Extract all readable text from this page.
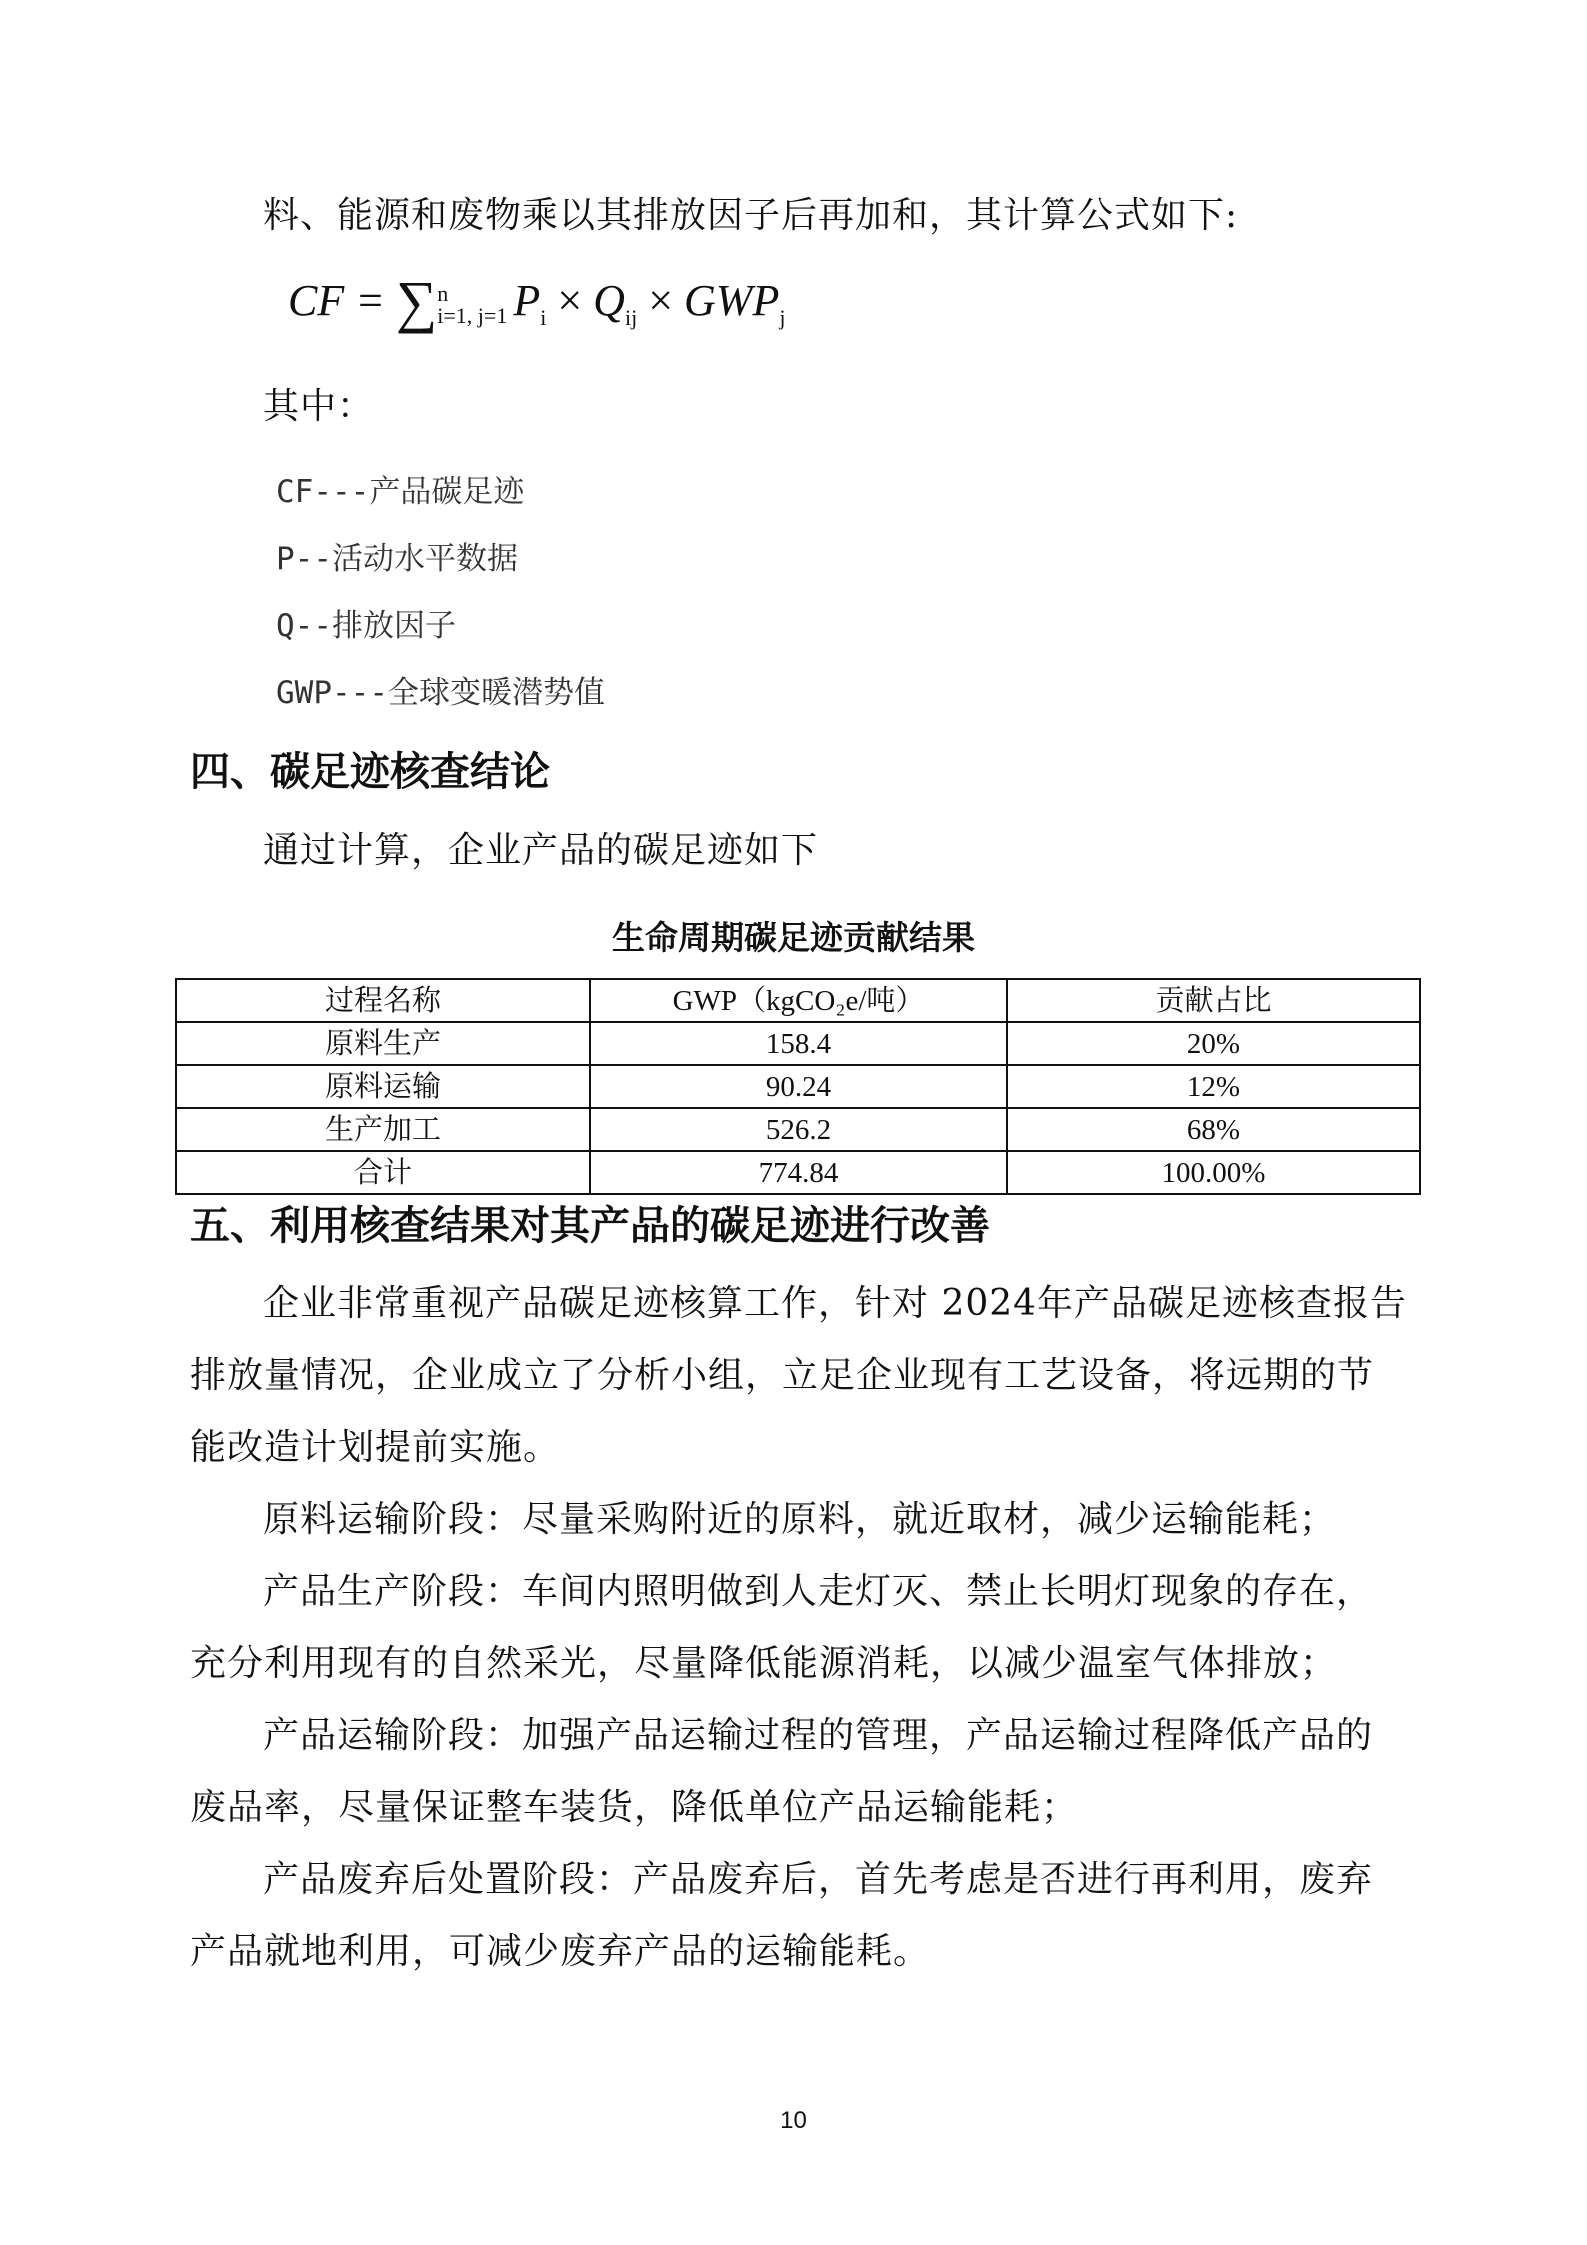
料、能源和废物乘以其排放因子后再加和，其计算公式如下:
CF = ∑ n
i=1, j=1 $P_i \times Q_{ij} \times GWP_j$
其中：
CF---产品碳足迹
P--活动水平数据
Q--排放因子
GWP---全球变暖潜势值
四、碳足迹核查结论
通过计算，企业产品的碳足迹如下
生命周期碳足迹贡献结果
过程名称	GWP（kgCO₂e/吨）	贡献占比
原料生产	158.4	20%
原料运输	90.24	12%
生产加工	526.2	68%
合计	774.84	100.00%
五、利用核查结果对其产品的碳足迹进行改善
企业非常重视产品碳足迹核算工作，针对 2024年产品碳足迹核查报告
排放量情况，企业成立了分析小组，立足企业现有工艺设备，将远期的节
能改造计划提前实施。
原料运输阶段：尽量采购附近的原料，就近取材，减少运输能耗；
产品生产阶段：车间内照明做到人走灯灭、禁止长明灯现象的存在，
充分利用现有的自然采光，尽量降低能源消耗，以减少温室气体排放；
产品运输阶段：加强产品运输过程的管理，产品运输过程降低产品的
废品率，尽量保证整车装货，降低单位产品运输能耗；
产品废弃后处置阶段：产品废弃后，首先考虑是否进行再利用，废弃
产品就地利用，可减少废弃产品的运输能耗。
10
